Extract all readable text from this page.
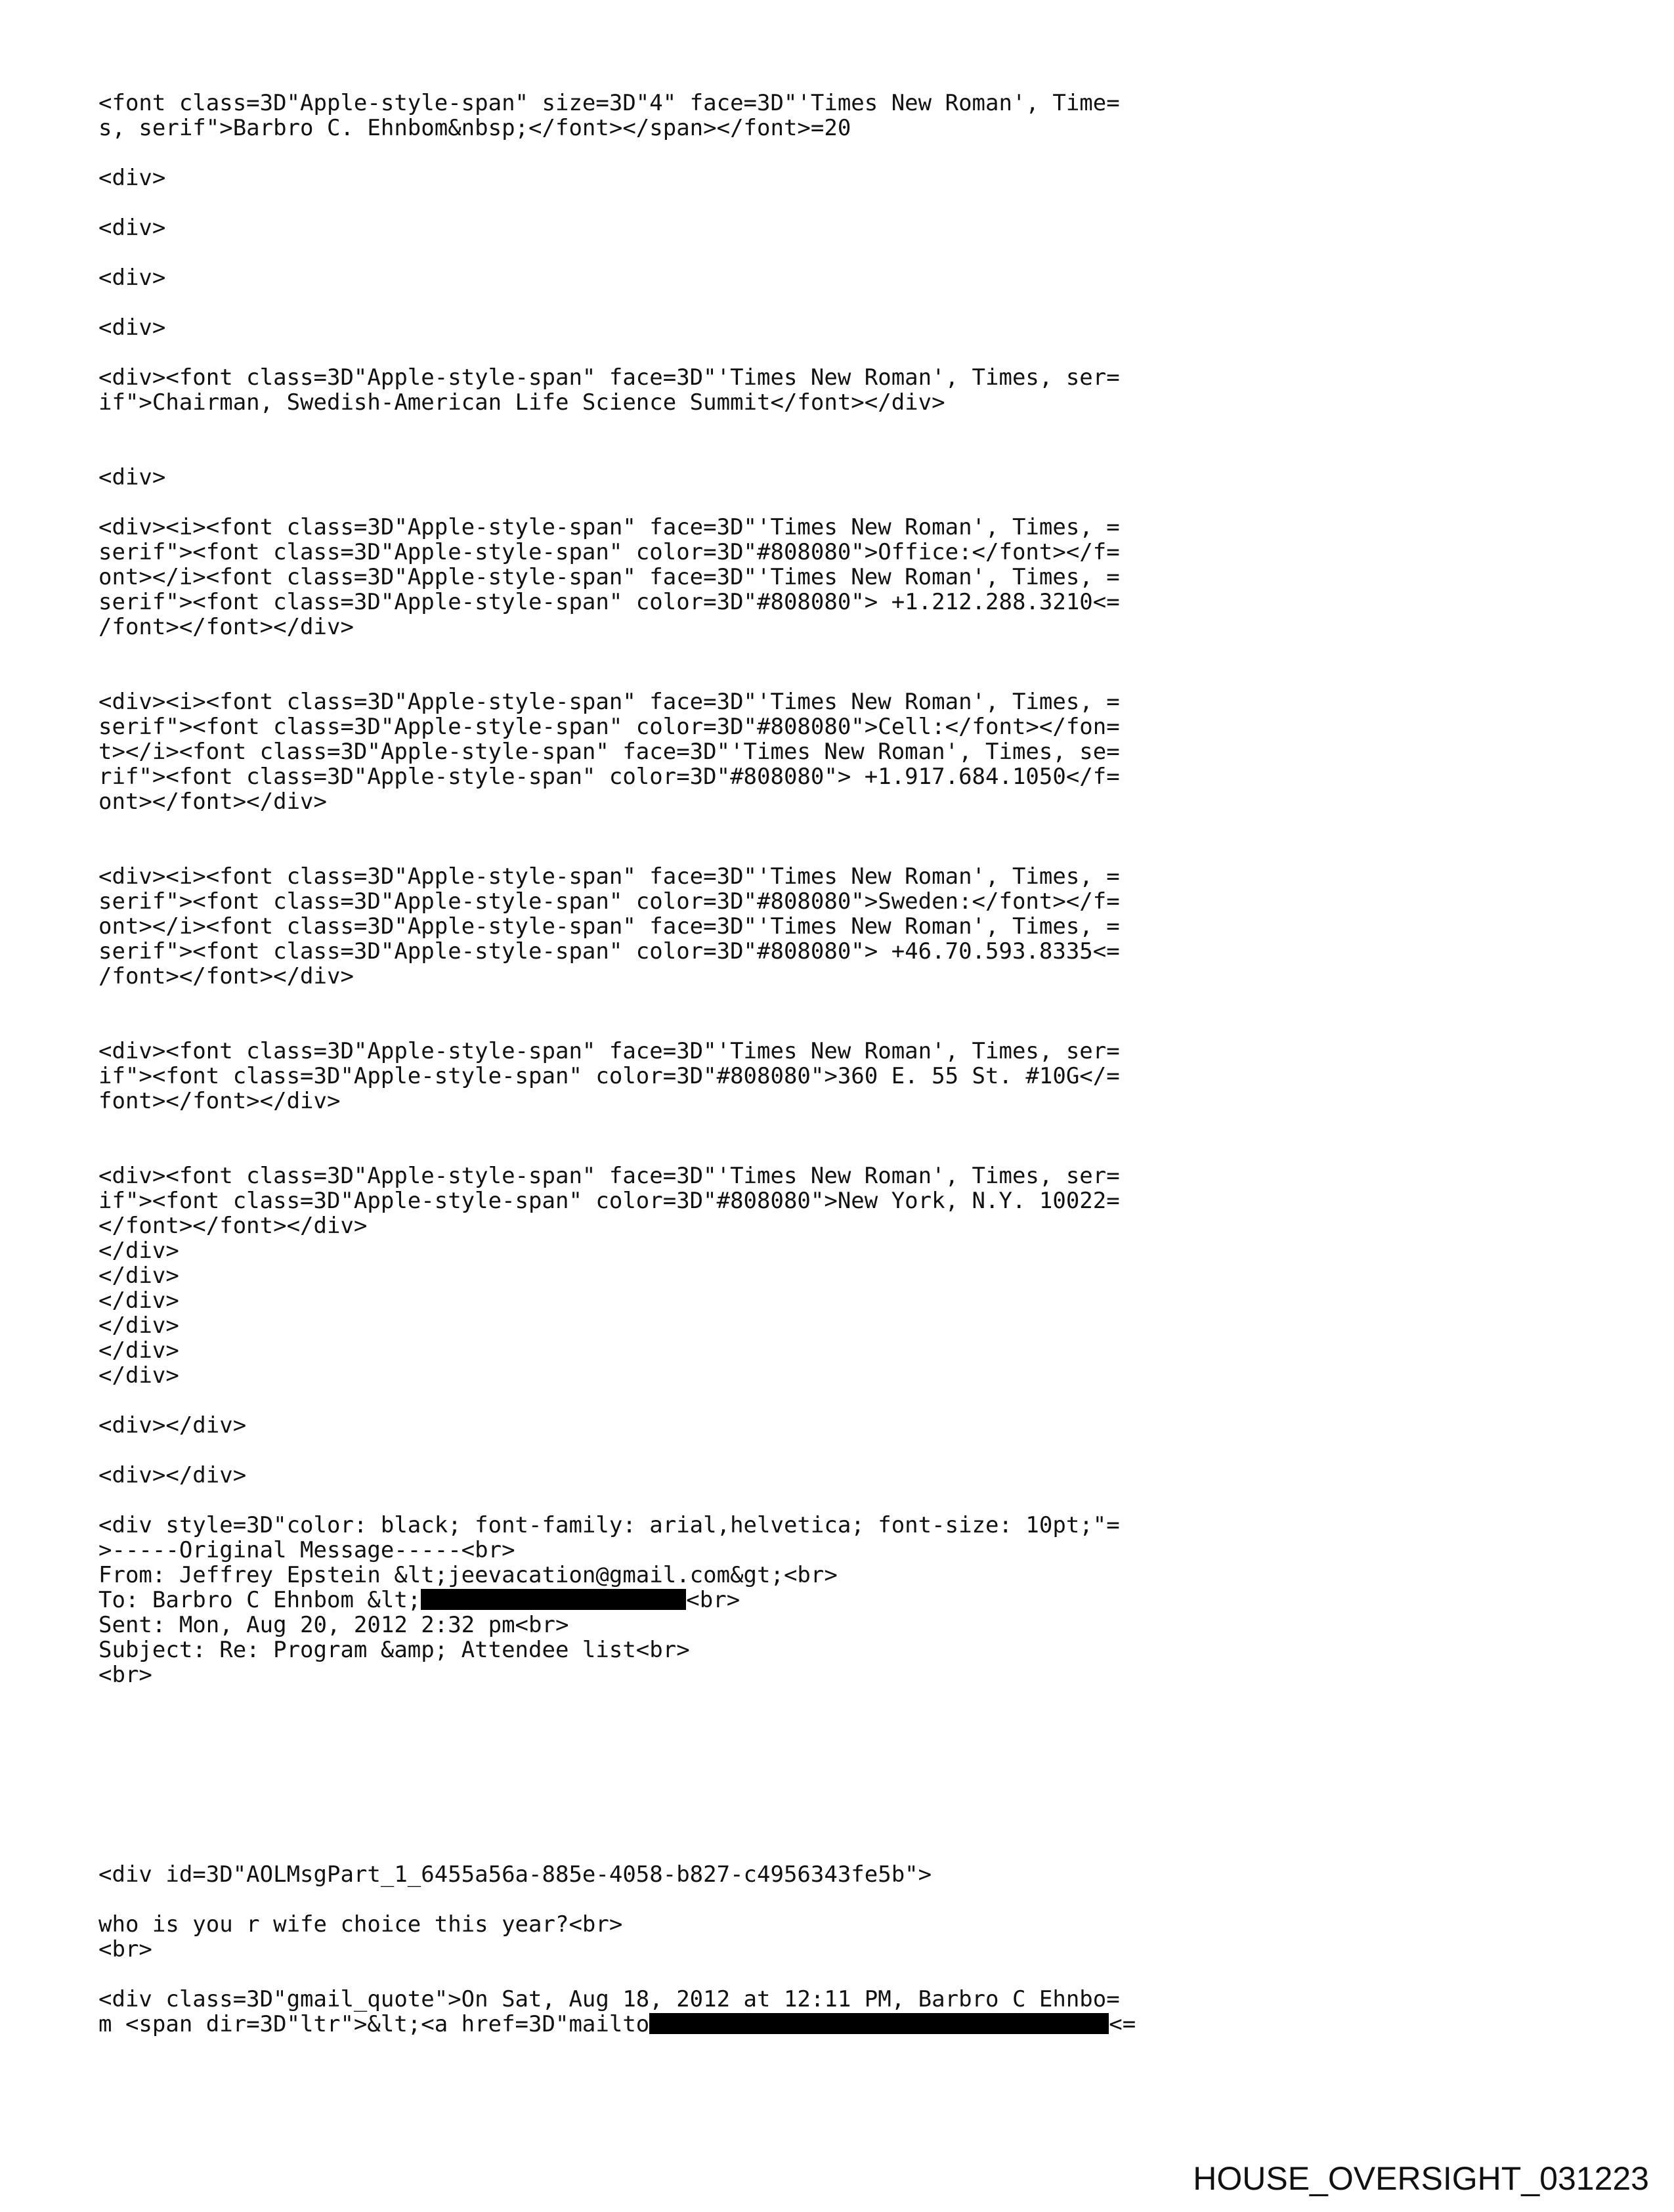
<font class=3D"Apple-style-span" size=3D"4" face=3D"'Times New Roman', Time=
s, serif">Barbro C. Ehnbom&nbsp;</font></span></font>=20
<div>
<div>
<div>
<div>
<div><font class=3D"Apple-style-span" face=3D"'Times New Roman', Times, ser=
if">Chairman, Swedish-American Life Science Summit</font></div>
<div>
<div><i><font class=3D"Apple-style-span" face=3D"'Times New Roman', Times, =
serif"><font class=3D"Apple-style-span" color=3D"#808080">Office:</font></f=
ont></i><font class=3D"Apple-style-span" face=3D"'Times New Roman', Times, =
serif"><font class=3D"Apple-style-span" color=3D"#808080"> +1.212.288.3210<=
/font></font></div>
<div><i><font class=3D"Apple-style-span" face=3D"'Times New Roman', Times, =
serif"><font class=3D"Apple-style-span" color=3D"#808080">Cell:</font></fon=
t></i><font class=3D"Apple-style-span" face=3D"'Times New Roman', Times, se=
rif"><font class=3D"Apple-style-span" color=3D"#808080"> +1.917.684.1050</f=
ont></font></div>
<div><i><font class=3D"Apple-style-span" face=3D"'Times New Roman', Times, =
serif"><font class=3D"Apple-style-span" color=3D"#808080">Sweden:</font></f=
ont></i><font class=3D"Apple-style-span" face=3D"'Times New Roman', Times, =
serif"><font class=3D"Apple-style-span" color=3D"#808080"> +46.70.593.8335<=
/font></font></div>
<div><font class=3D"Apple-style-span" face=3D"'Times New Roman', Times, ser=
if"><font class=3D"Apple-style-span" color=3D"#808080">360 E. 55 St. #10G</=
font></font></div>
<div><font class=3D"Apple-style-span" face=3D"'Times New Roman', Times, ser=
if"><font class=3D"Apple-style-span" color=3D"#808080">New York, N.Y. 10022=
</font></font></div>
</div>
</div>
</div>
</div>
</div>
</div>
<div></div>
<div></div>
<div style=3D"color: black; font-family: arial,helvetica; font-size: 10pt;"=
>-----Original Message-----<br>
From: Jeffrey Epstein &lt;jeevacation@gmail.com&gt;<br>
To: Barbro C Ehnbom &lt;	<br>
Sent: Mon, Aug 20, 2012 2:32 pm<br>
Subject: Re: Program &amp; Attendee list<br>
<br>
<div id=3D"AOLMsgPart_1_6455a56a-885e-4058-b827-c4956343fe5b">
who is you r wife choice this year?<br>
<br>
<div class=3D"gmail_quote">On Sat, Aug 18, 2012 at 12:11 PM, Barbro C Ehnbo=
m <span dir=3D"ltr">&lt;<a href=3D"mailto	<=
HOUSE_OVERSIGHT_031223
